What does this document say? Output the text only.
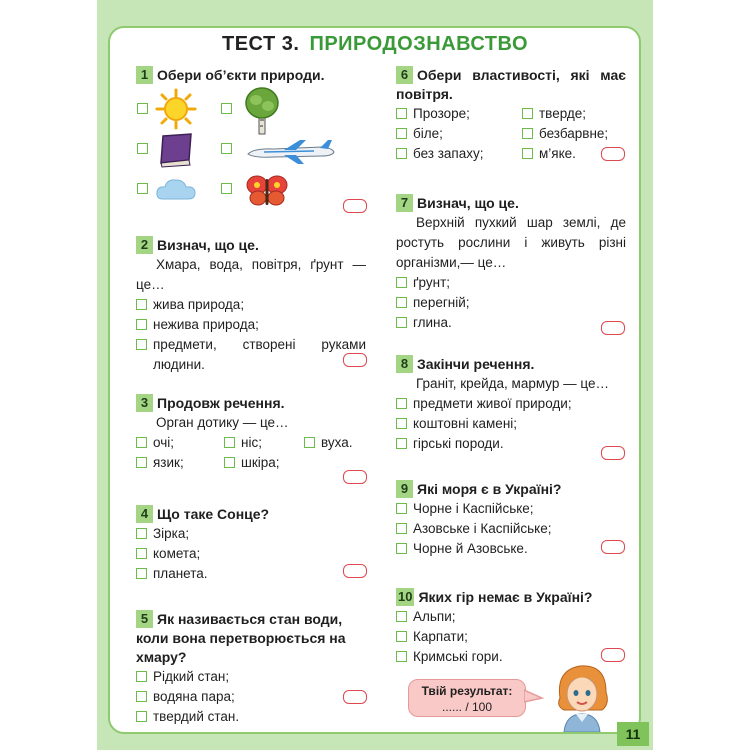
ТЕСТ 3. ПРИРОДОЗНАВСТВО
1 Обери об’єкти природи.
2 Визнач, що це.
Хмара, вода, повітря, ґрунт — це…
жива природа;
нежива природа;
предмети, створені руками людини.
3 Продовж речення.
Орган дотику — це…
очі;	ніс;	вуха.
язик;	шкіра;
4 Що таке Сонце?
Зірка;
комета;
планета.
5 Як називається стан води, коли вона перетворюється на хмару?
Рідкий стан;
водяна пара;
твердий стан.
6 Обери властивості, які має повітря.
Прозоре;	тверде;
біле;	безбарвне;
без запаху;	м’яке.
7 Визнач, що це.
Верхній пухкий шар землі, де ростуть рослини і живуть різні організми,— це…
ґрунт;
перегній;
глина.
8 Закінчи речення.
Граніт, крейда, мармур — це…
предмети живої природи;
коштовні камені;
гірські породи.
9 Які моря є в Україні?
Чорне і Каспійське;
Азовське і Каспійське;
Чорне й Азовське.
10 Яких гір немає в Україні?
Альпи;
Карпати;
Кримські гори.
Твій результат:
...... / 100
11
